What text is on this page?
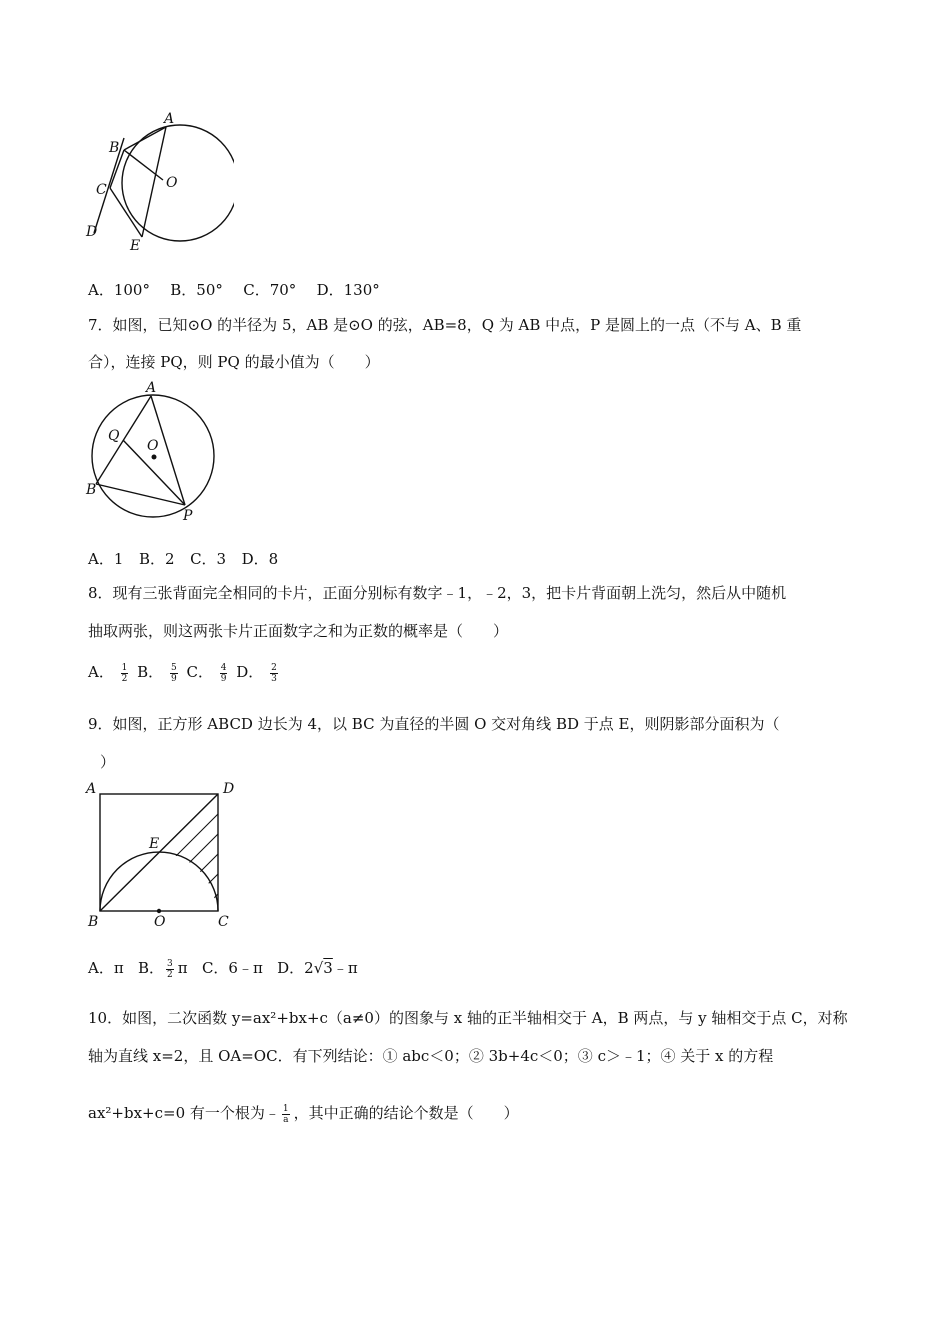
A
B
C	O
D
E
A．100° B．50° C．70° D．130°
7．如图，已知⊙O 的半径为 5，AB 是⊙O 的弦，AB=8，Q 为 AB 中点，P 是圆上的一点（不与 A、B 重
合），连接 PQ，则 PQ 的最小值为（　　）
A
Q
O
B
P
A．1 B．2 C．3 D．8
8．现有三张背面完全相同的卡片，正面分别标有数字﹣1，﹣2，3，把卡片背面朝上洗匀，然后从中随机
抽取两张，则这两张卡片正面数字之和为正数的概率是（　　）
A． $\frac{1}{2}$ B． $\frac{5}{9}$ C． $\frac{4}{9}$ D． $\frac{2}{3}$
9．如图，正方形 ABCD 边长为 4，以 BC 为直径的半圆 O 交对角线 BD 于点 E，则阴影部分面积为（
）
A	D
E
B	O	C
A．π B． $\frac{3}{2}$ π C．6﹣π D．2√3﹣π
10．如图，二次函数 y=ax²+bx+c（a≠0）的图象与 x 轴的正半轴相交于 A，B 两点，与 y 轴相交于点 C，对称
轴为直线 x=2，且 OA=OC．有下列结论：① abc＜0；② 3b+4c＜0；③ c＞﹣1；④ 关于 x 的方程
ax²+bx+c=0 有一个根为﹣ $\frac{1}{a}$ ，其中正确的结论个数是（　　）
